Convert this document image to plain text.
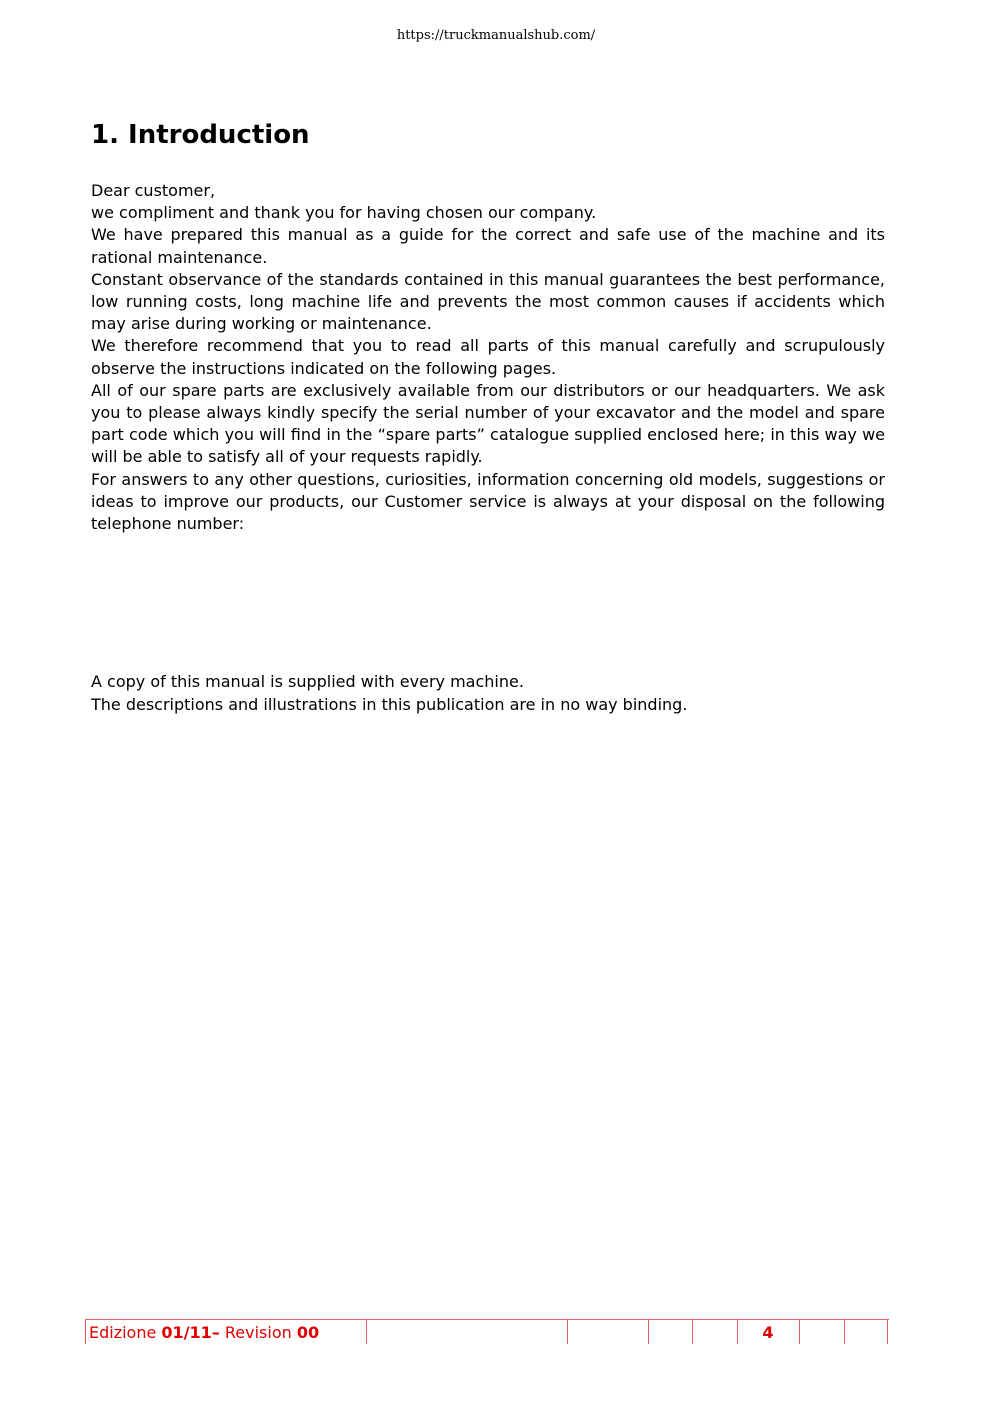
https://truckmanualshub.com/
1. Introduction

Dear customer,

we compliment and thank you for having chosen our company.

We have prepared this manual as a guide for the correct and safe use of the machine and its rational maintenance.

Constant observance of the standards contained in this manual guarantees the best performance, low running costs, long machine life and prevents the most common causes if accidents which may arise during working or maintenance.

We therefore recommend that you to read all parts of this manual carefully and scrupulously observe the instructions indicated on the following pages.

All of our spare parts are exclusively available from our distributors or our headquarters. We ask you to please always kindly specify the serial number of your excavator and the model and spare part code which you will find in the “spare parts” catalogue supplied enclosed here; in this way we will be able to satisfy all of your requests rapidly.

For answers to any other questions, curiosities, information concerning old models, suggestions or ideas to improve our products, our Customer service is always at your disposal on the following telephone number:

A copy of this manual is supplied with every machine.

The descriptions and illustrations in this publication are in no way binding.

Edizione 01/11– Revision 00	4
